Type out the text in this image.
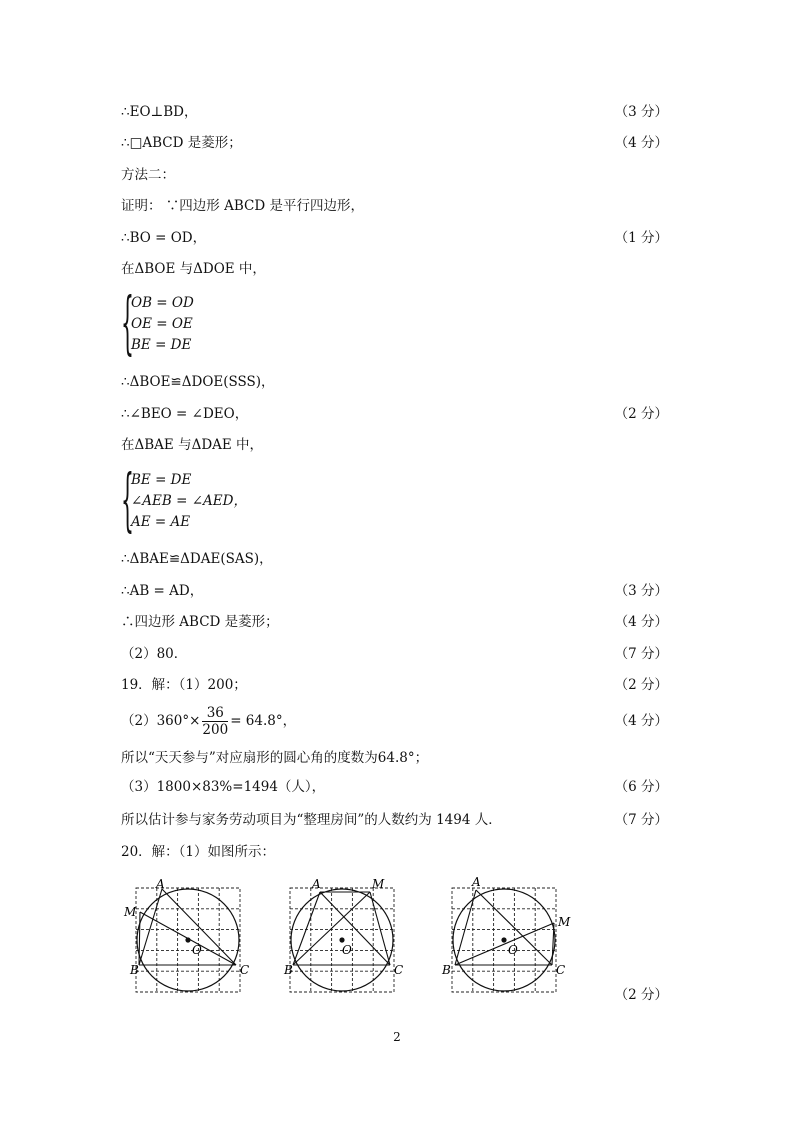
∴EO⊥BD，	（3 分）
∴□ABCD 是菱形；	（4 分）
方法二：
证明： ∵四边形 ABCD 是平行四边形，
∴BO = OD，	（1 分）
在ΔBOE 与ΔDOE 中，
{
OB = OD
OE = OE
BE = DE
∴ΔBOE≌ΔDOE(SSS)，
∴∠BEO = ∠DEO，	（2 分）
在ΔBAE 与ΔDAE 中，
{
BE = DE
∠AEB = ∠AED，
AE = AE
∴ΔBAE≌ΔDAE(SAS)，
∴AB = AD，	（3 分）
∴四边形 ABCD 是菱形；	（4 分）
（2）80．	（7 分）
19．解：（1）200；	（2 分）
$(2)360^\circ\times \frac{36}{200} = 64.8^\circ$，	（4 分）
所以“天天参与”对应扇形的圆心角的度数为64.8°；
（3）1800×83%=1494（人），	（6 分）
所以估计参与家务劳动项目为“整理房间”的人数约为 1494 人．	（7 分）
20．解：（1）如图所示：
A
M
B	C
O
A	M
B	C
O
A
M
B	C
O
（2 分）
2
